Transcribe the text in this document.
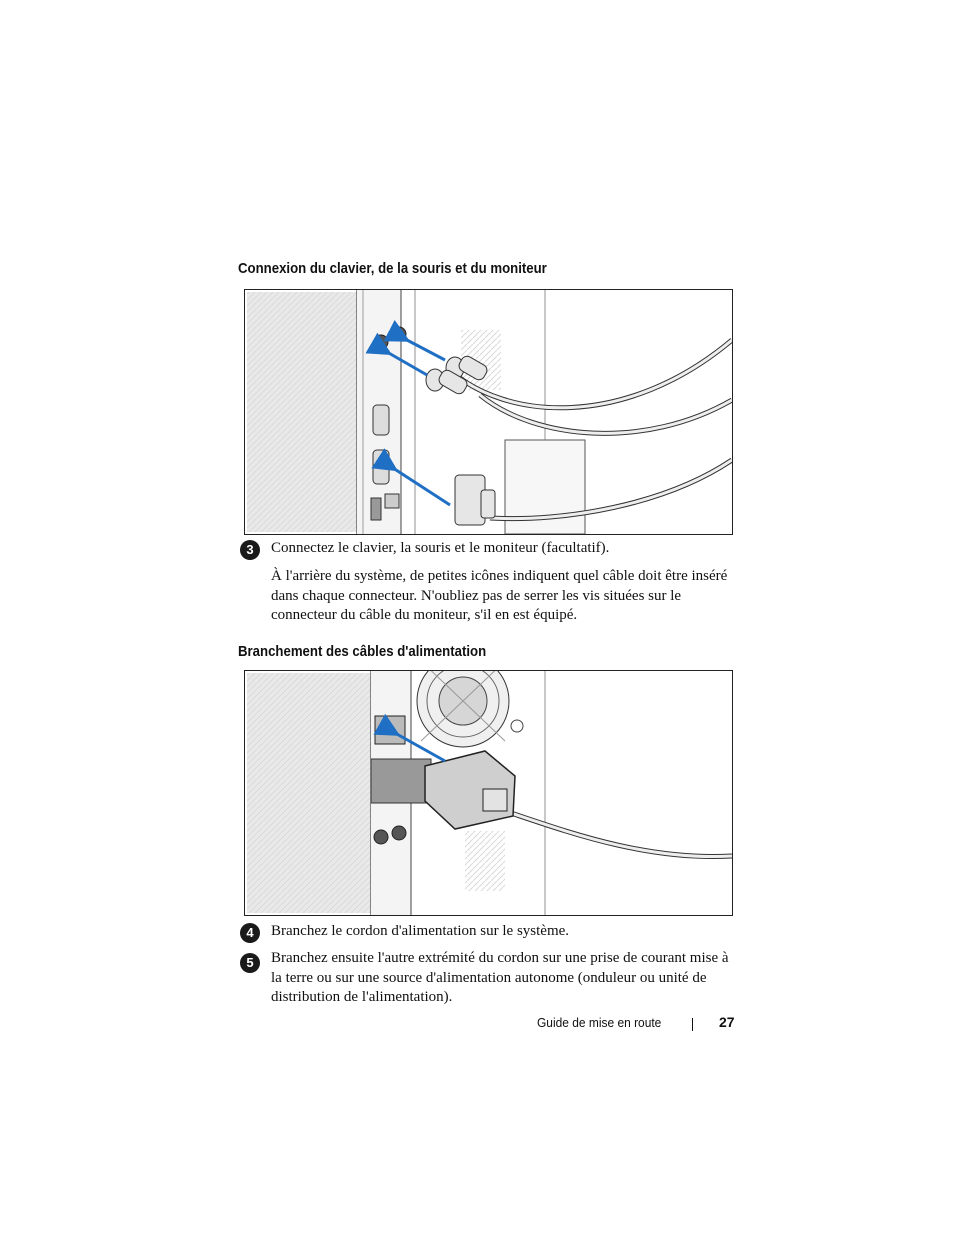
Connexion du clavier, de la souris et du moniteur
3	Connectez le clavier, la souris et le moniteur (facultatif).

À l'arrière du système, de petites icônes indiquent quel câble doit être inséré dans chaque connecteur. N'oubliez pas de serrer les vis situées sur le connecteur du câble du moniteur, s'il en est équipé.

Branchement des câbles d'alimentation
4	Branchez le cordon d'alimentation sur le système.

5	Branchez ensuite l'autre extrémité du cordon sur une prise de courant mise à la terre ou sur une source d'alimentation autonome (onduleur ou unité de distribution de l'alimentation).

Guide de mise en route	27
